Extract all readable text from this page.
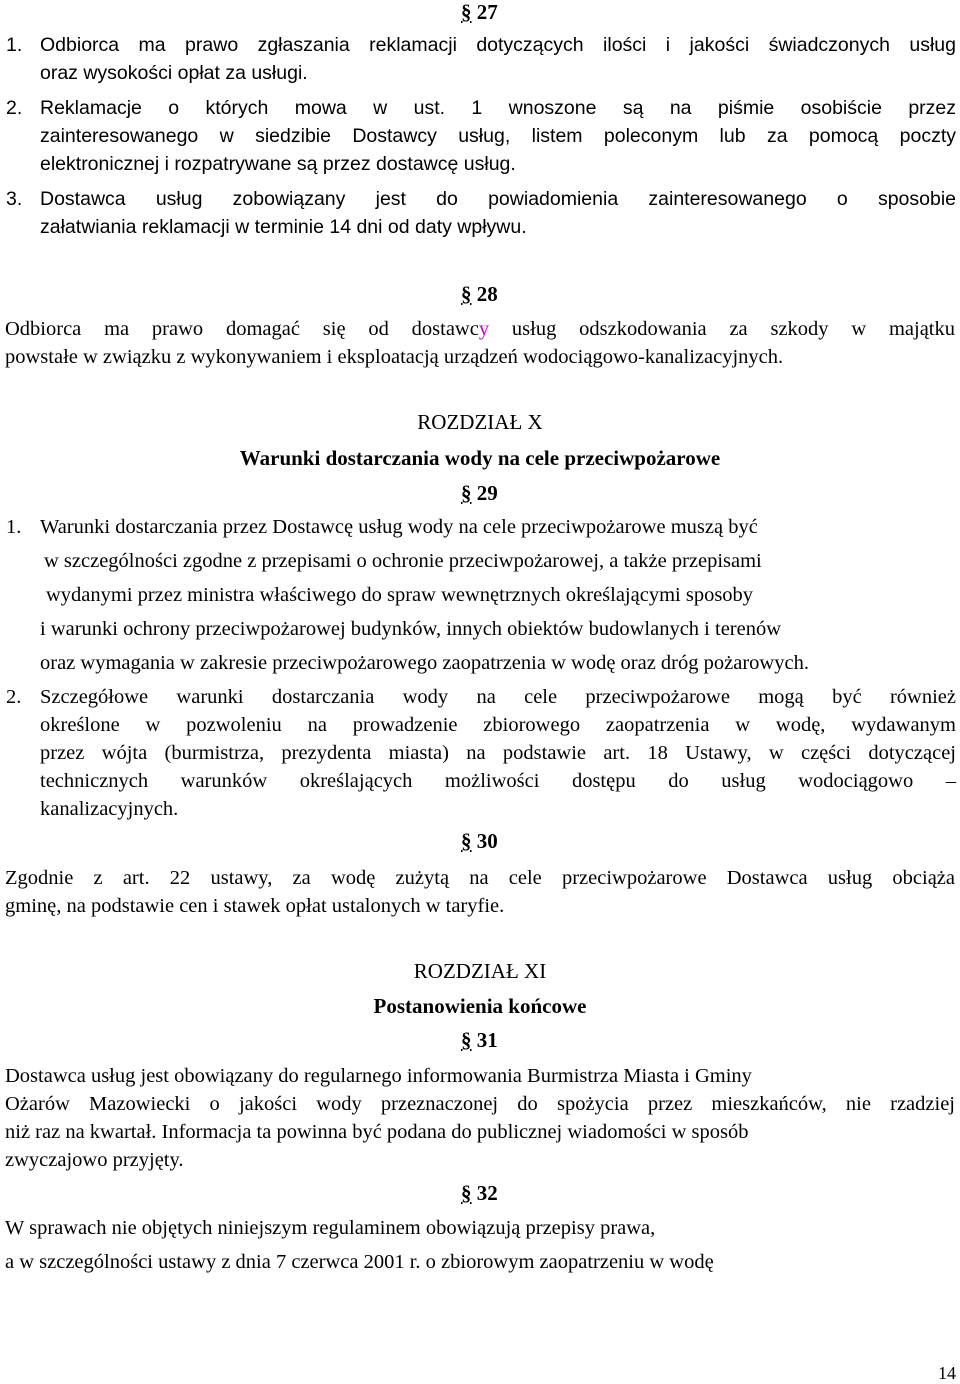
§ 27
1. Odbiorca ma prawo zgłaszania reklamacji dotyczących ilości i jakości świadczonych usług
oraz wysokości opłat za usługi.
2. Reklamacje o których mowa w ust. 1 wnoszone są na piśmie osobiście przez
zainteresowanego w siedzibie Dostawcy usług, listem poleconym lub za pomocą poczty
elektronicznej i rozpatrywane są przez dostawcę usług.
3. Dostawca usług zobowiązany jest do powiadomienia zainteresowanego o sposobie
załatwiania reklamacji w terminie 14 dni od daty wpływu.
§ 28
Odbiorca ma prawo domagać się od dostawcy usług odszkodowania za szkody w majątku
powstałe w związku z wykonywaniem i eksploatacją urządzeń wodociągowo-kanalizacyjnych.
ROZDZIAŁ X
Warunki dostarczania wody na cele przeciwpożarowe
§ 29
1. Warunki dostarczania przez Dostawcę usług wody na cele przeciwpożarowe muszą być
w szczególności zgodne z przepisami o ochronie przeciwpożarowej, a także przepisami
wydanymi przez ministra właściwego do spraw wewnętrznych określającymi sposoby
i warunki ochrony przeciwpożarowej budynków, innych obiektów budowlanych i terenów
oraz wymagania w zakresie przeciwpożarowego zaopatrzenia w wodę oraz dróg pożarowych.
2. Szczegółowe warunki dostarczania wody na cele przeciwpożarowe mogą być również
określone w pozwoleniu na prowadzenie zbiorowego zaopatrzenia w wodę, wydawanym
przez wójta (burmistrza, prezydenta miasta) na podstawie art. 18 Ustawy, w części dotyczącej
technicznych warunków określających możliwości dostępu do usług wodociągowo –
kanalizacyjnych.
§ 30
Zgodnie z art. 22 ustawy, za wodę zużytą na cele przeciwpożarowe Dostawca usług obciąża
gminę, na podstawie cen i stawek opłat ustalonych w taryfie.
ROZDZIAŁ XI
Postanowienia końcowe
§ 31
Dostawca usług jest obowiązany do regularnego informowania Burmistrza Miasta i Gminy
Ożarów Mazowiecki o jakości wody przeznaczonej do spożycia przez mieszkańców, nie rzadziej
niż raz na kwartał. Informacja ta powinna być podana do publicznej wiadomości w sposób
zwyczajowo przyjęty.
§ 32
W sprawach nie objętych niniejszym regulaminem obowiązują przepisy prawa,
a w szczególności ustawy z dnia 7 czerwca 2001 r. o zbiorowym zaopatrzeniu w wodę
14
